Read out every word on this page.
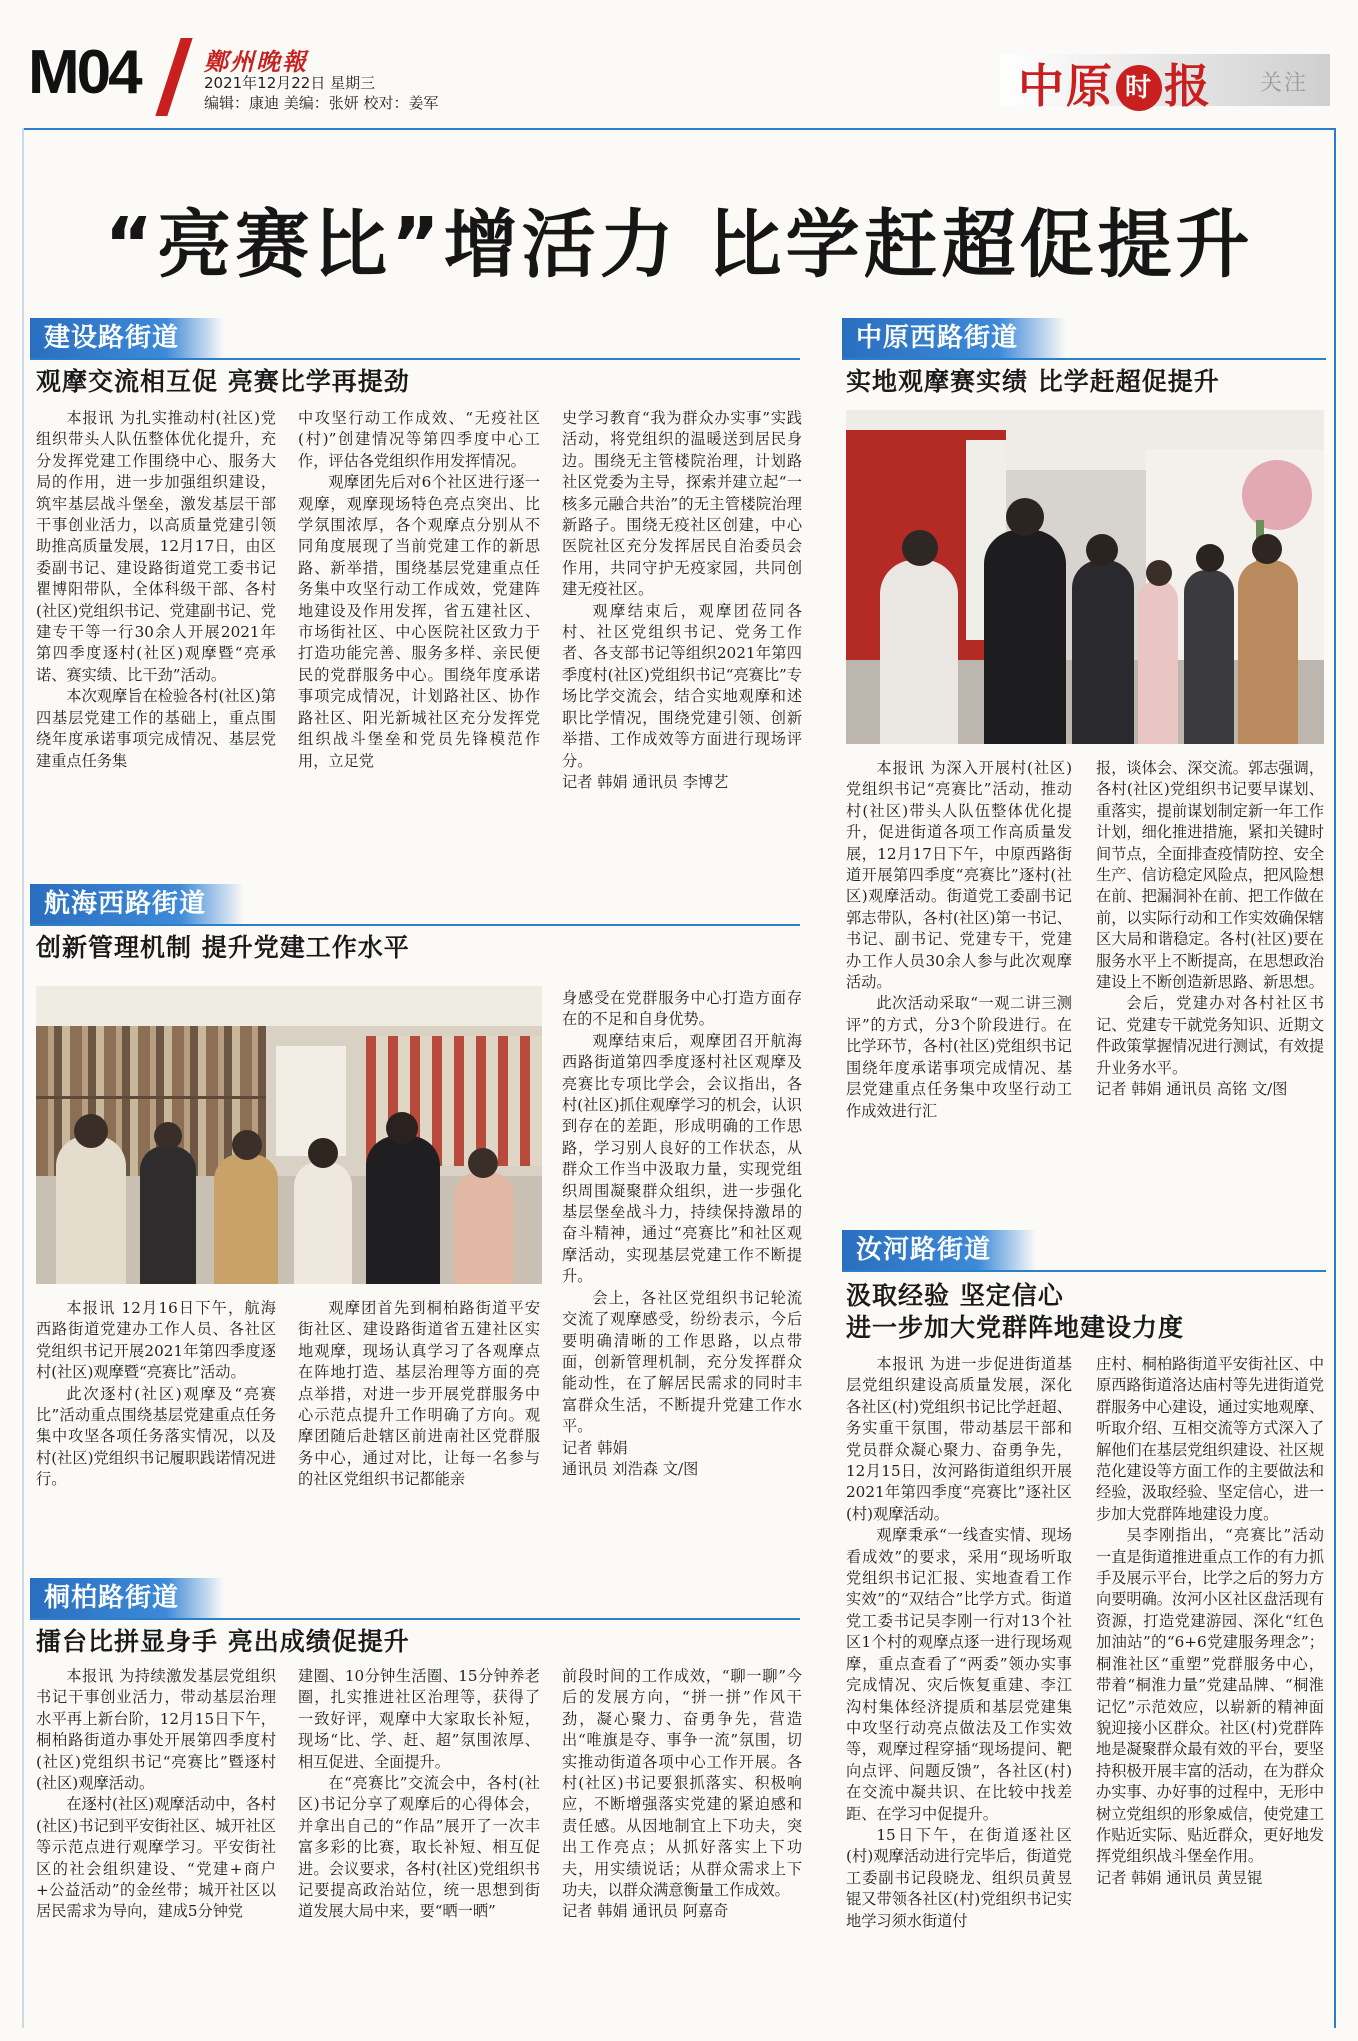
M04	鄭州晚報
2021年12月22日 星期三
编辑：康迪 美编：张妍 校对：姜军	中原 时 报 关注
“亮赛比”增活力 比学赶超促提升
建设路街道
观摩交流相互促 亮赛比学再提劲

本报讯 为扎实推动村(社区)党组织带头人队伍整体优化提升，充分发挥党建工作围绕中心、服务大局的作用，进一步加强组织建设，筑牢基层战斗堡垒，激发基层干部干事创业活力，以高质量党建引领助推高质量发展，12月17日，由区委副书记、建设路街道党工委书记瞿博阳带队，全体科级干部、各村(社区)党组织书记、党建副书记、党建专干等一行30余人开展2021年第四季度逐村(社区)观摩暨“亮承诺、赛实绩、比干劲”活动。

本次观摩旨在检验各村(社区)第四基层党建工作的基础上，重点围绕年度承诺事项完成情况、基层党建重点任务集

中攻坚行动工作成效、“无疫社区(村)”创建情况等第四季度中心工作，评估各党组织作用发挥情况。

观摩团先后对6个社区进行逐一观摩，观摩现场特色亮点突出、比学氛围浓厚，各个观摩点分别从不同角度展现了当前党建工作的新思路、新举措，围绕基层党建重点任务集中攻坚行动工作成效，党建阵地建设及作用发挥，省五建社区、市场街社区、中心医院社区致力于打造功能完善、服务多样、亲民便民的党群服务中心。围绕年度承诺事项完成情况，计划路社区、协作路社区、阳光新城社区充分发挥党组织战斗堡垒和党员先锋模范作用，立足党

史学习教育“我为群众办实事”实践活动，将党组织的温暖送到居民身边。围绕无主管楼院治理，计划路社区党委为主导，探索并建立起“一核多元融合共治”的无主管楼院治理新路子。围绕无疫社区创建，中心医院社区充分发挥居民自治委员会作用，共同守护无疫家园，共同创建无疫社区。

观摩结束后，观摩团莅同各村、社区党组织书记、党务工作者、各支部书记等组织2021年第四季度村(社区)党组织书记“亮赛比”专场比学交流会，结合实地观摩和述职比学情况，围绕党建引领、创新举措、工作成效等方面进行现场评分。

记者 韩娟 通讯员 李博艺

航海西路街道
创新管理机制 提升党建工作水平

本报讯 12月16日下午，航海西路街道党建办工作人员、各社区党组织书记开展2021年第四季度逐村(社区)观摩暨“亮赛比”活动。

此次逐村(社区)观摩及“亮赛比”活动重点围绕基层党建重点任务集中攻坚各项任务落实情况，以及村(社区)党组织书记履职践诺情况进行。

观摩团首先到桐柏路街道平安街社区、建设路街道省五建社区实地观摩，现场认真学习了各观摩点在阵地打造、基层治理等方面的亮点举措，对进一步开展党群服务中心示范点提升工作明确了方向。观摩团随后赴辖区前进南社区党群服务中心，通过对比，让每一名参与的社区党组织书记都能亲

身感受在党群服务中心打造方面存在的不足和自身优势。

观摩结束后，观摩团召开航海西路街道第四季度逐村社区观摩及亮赛比专项比学会，会议指出，各村(社区)抓住观摩学习的机会，认识到存在的差距，形成明确的工作思路，学习别人良好的工作状态，从群众工作当中汲取力量，实现党组织周围凝聚群众组织，进一步强化基层堡垒战斗力，持续保持激昂的奋斗精神，通过“亮赛比”和社区观摩活动，实现基层党建工作不断提升。

会上，各社区党组织书记轮流交流了观摩感受，纷纷表示，今后要明确清晰的工作思路，以点带面，创新管理机制，充分发挥群众能动性，在了解居民需求的同时丰富群众生活，不断提升党建工作水平。

记者 韩娟

通讯员 刘浩森 文/图

桐柏路街道
擂台比拼显身手 亮出成绩促提升

本报讯 为持续激发基层党组织书记干事创业活力，带动基层治理水平再上新台阶，12月15日下午，桐柏路街道办事处开展第四季度村(社区)党组织书记“亮赛比”暨逐村(社区)观摩活动。

在逐村(社区)观摩活动中，各村(社区)书记到平安街社区、城开社区等示范点进行观摩学习。平安街社区的社会组织建设、“党建+商户+公益活动”的金丝带；城开社区以居民需求为导向，建成5分钟党

建圈、10分钟生活圈、15分钟养老圈，扎实推进社区治理等，获得了一致好评，观摩中大家取长补短，现场“比、学、赶、超”氛围浓厚、相互促进、全面提升。

在“亮赛比”交流会中，各村(社区)书记分享了观摩后的心得体会，并拿出自己的“作品”展开了一次丰富多彩的比赛，取长补短、相互促进。会议要求，各村(社区)党组织书记要提高政治站位，统一思想到街道发展大局中来，要“晒一晒”

前段时间的工作成效，“聊一聊”今后的发展方向，“拼一拼”作风干劲，凝心聚力、奋勇争先，营造出“唯旗是夺、事争一流”氛围，切实推动街道各项中心工作开展。各村(社区)书记要狠抓落实、积极响应，不断增强落实党建的紧迫感和责任感。从因地制宜上下功夫，突出工作亮点；从抓好落实上下功夫，用实绩说话；从群众需求上下功夫，以群众满意衡量工作成效。

记者 韩娟 通讯员 阿嘉奇

中原西路街道
实地观摩赛实绩 比学赶超促提升

本报讯 为深入开展村(社区)党组织书记“亮赛比”活动，推动村(社区)带头人队伍整体优化提升，促进街道各项工作高质量发展，12月17日下午，中原西路街道开展第四季度“亮赛比”逐村(社区)观摩活动。街道党工委副书记郭志带队，各村(社区)第一书记、书记、副书记、党建专干，党建办工作人员30余人参与此次观摩活动。

此次活动采取“一观二讲三测评”的方式，分3个阶段进行。在比学环节，各村(社区)党组织书记围绕年度承诺事项完成情况、基层党建重点任务集中攻坚行动工作成效进行汇

报，谈体会、深交流。郭志强调，各村(社区)党组织书记要早谋划、重落实，提前谋划制定新一年工作计划，细化推进措施，紧扣关键时间节点，全面排查疫情防控、安全生产、信访稳定风险点，把风险想在前、把漏洞补在前、把工作做在前，以实际行动和工作实效确保辖区大局和谐稳定。各村(社区)要在服务水平上不断提高，在思想政治建设上不断创造新思路、新思想。

会后，党建办对各村社区书记、党建专干就党务知识、近期文件政策掌握情况进行测试，有效提升业务水平。

记者 韩娟 通讯员 高铭 文/图

汝河路街道
汲取经验 坚定信心
进一步加大党群阵地建设力度

本报讯 为进一步促进街道基层党组织建设高质量发展，深化各社区(村)党组织书记比学赶超、务实重干氛围，带动基层干部和党员群众凝心聚力、奋勇争先，12月15日，汝河路街道组织开展2021年第四季度“亮赛比”逐社区(村)观摩活动。

观摩秉承“一线查实情、现场看成效”的要求，采用“现场听取党组织书记汇报、实地查看工作实效”的“双结合”比学方式。街道党工委书记吴李刚一行对13个社区1个村的观摩点逐一进行现场观摩，重点查看了“两委”领办实事完成情况、灾后恢复重建、李江沟村集体经济提质和基层党建集中攻坚行动亮点做法及工作实效等，观摩过程穿插“现场提问、靶向点评、问题反馈”，各社区(村)在交流中凝共识、在比较中找差距、在学习中促提升。

15日下午，在街道逐社区(村)观摩活动进行完毕后，街道党工委副书记段晓龙、组织员黄昱锟又带领各社区(村)党组织书记实地学习须水街道付

庄村、桐柏路街道平安街社区、中原西路街道洛达庙村等先进街道党群服务中心建设，通过实地观摩、听取介绍、互相交流等方式深入了解他们在基层党组织建设、社区规范化建设等方面工作的主要做法和经验，汲取经验、坚定信心，进一步加大党群阵地建设力度。

吴李刚指出，“亮赛比”活动一直是街道推进重点工作的有力抓手及展示平台，比学之后的努力方向要明确。汝河小区社区盘活现有资源，打造党建游园、深化“红色加油站”的“6+6党建服务理念”；桐淮社区“重塑”党群服务中心，带着“桐淮力量”党建品牌、“桐淮记忆”示范效应，以崭新的精神面貌迎接小区群众。社区(村)党群阵地是凝聚群众最有效的平台，要坚持积极开展丰富的活动，在为群众办实事、办好事的过程中，无形中树立党组织的形象威信，使党建工作贴近实际、贴近群众，更好地发挥党组织战斗堡垒作用。

记者 韩娟 通讯员 黄昱锟
